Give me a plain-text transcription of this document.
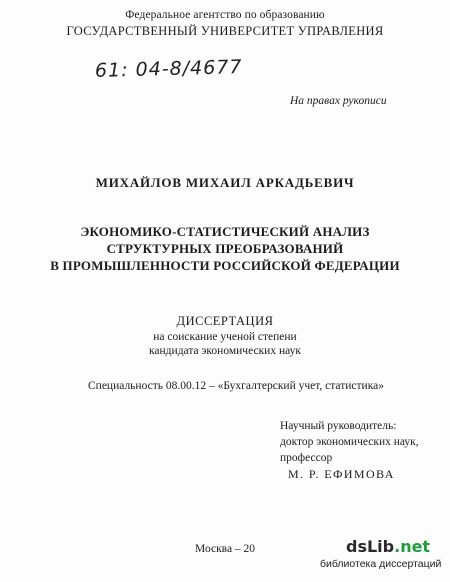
Федеральное агентство по образованию
ГОСУДАРСТВЕННЫЙ УНИВЕРСИТЕТ УПРАВЛЕНИЯ
61: 04-8/4677
На правах рукописи
МИХАЙЛОВ МИХАИЛ АРКАДЬЕВИЧ
ЭКОНОМИКО-СТАТИСТИЧЕСКИЙ АНАЛИЗ
СТРУКТУРНЫХ ПРЕОБРАЗОВАНИЙ
В ПРОМЫШЛЕННОСТИ РОССИЙСКОЙ ФЕДЕРАЦИИ
ДИССЕРТАЦИЯ
на соискание ученой степени
кандидата экономических наук
Специальность 08.00.12 – «Бухгалтерский учет, статистика»
Научный руководитель:
доктор экономических наук,
профессор
М. Р. ЕФИМОВА
Москва – 20	dsLib.net
библиотека диссертаций
